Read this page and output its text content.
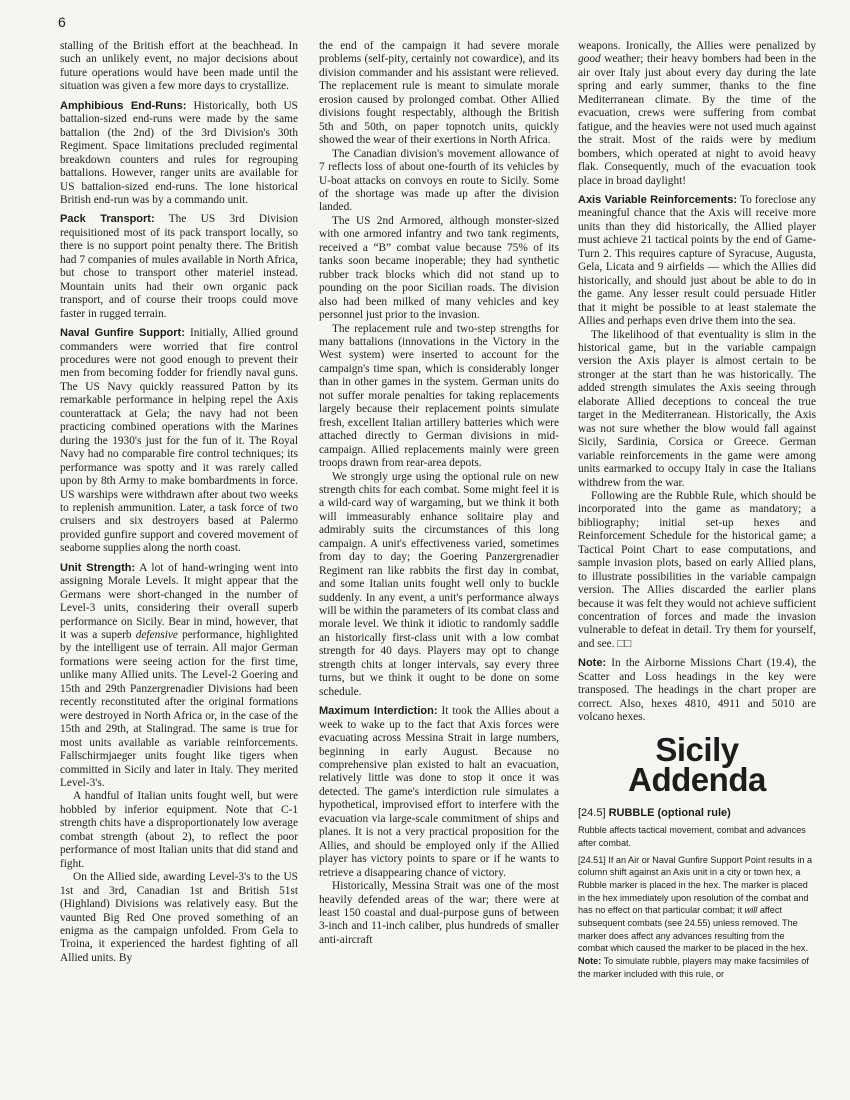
6

stalling of the British effort at the beachhead. In such an unlikely event, no major decisions about future operations would have been made until the situation was given a few more days to crystallize.

Amphibious End-Runs: Historically, both US battalion-sized end-runs were made by the same battalion (the 2nd) of the 3rd Division's 30th Regiment. Space limitations precluded regimental breakdown counters and rules for regrouping battalions. However, ranger units are available for US battalion-sized end-runs. The lone historical British end-run was by a commando unit.

Pack Transport: The US 3rd Division requisitioned most of its pack transport locally, so there is no support point penalty there. The British had 7 companies of mules available in North Africa, but chose to transport other materiel instead. Mountain units had their own organic pack transport, and of course their troops could move faster in rugged terrain.

Naval Gunfire Support: Initially, Allied ground commanders were worried that fire control procedures were not good enough to prevent their men from becoming fodder for friendly naval guns. The US Navy quickly reassured Patton by its remarkable performance in helping repel the Axis counterattack at Gela; the navy had not been practicing combined operations with the Marines during the 1930's just for the fun of it. The Royal Navy had no comparable fire control techniques; its performance was spotty and it was rarely called upon by 8th Army to make bombardments in force. US warships were withdrawn after about two weeks to replenish ammunition. Later, a task force of two cruisers and six destroyers based at Palermo provided gunfire support and covered movement of seaborne supplies along the north coast.

Unit Strength: A lot of hand-wringing went into assigning Morale Levels. It might appear that the Germans were short-changed in the number of Level-3 units, considering their overall superb performance on Sicily. Bear in mind, however, that it was a superb defensive performance, highlighted by the intelligent use of terrain. All major German formations were seeing action for the first time, unlike many Allied units. The Level-2 Goering and 15th and 29th Panzergrenadier Divisions had been recently reconstituted after the original formations were destroyed in North Africa or, in the case of the 15th and 29th, at Stalingrad. The same is true for most units available as variable reinforcements. Fallschirmjaeger units fought like tigers when committed in Sicily and later in Italy. They merited Level-3's.

A handful of Italian units fought well, but were hobbled by inferior equipment. Note that C-1 strength chits have a disproportionately low average combat strength (about 2), to reflect the poor performance of most Italian units that did stand and fight.

On the Allied side, awarding Level-3's to the US 1st and 3rd, Canadian 1st and British 51st (Highland) Divisions was relatively easy. But the vaunted Big Red One proved something of an enigma as the campaign unfolded. From Gela to Troina, it experienced the hardest fighting of all Allied units. By

the end of the campaign it had severe morale problems (self-pity, certainly not cowardice), and its division commander and his assistant were relieved. The replacement rule is meant to simulate morale erosion caused by prolonged combat. Other Allied divisions fought respectably, although the British 5th and 50th, on paper topnotch units, quickly showed the wear of their exertions in North Africa.

The Canadian division's movement allowance of 7 reflects loss of about one-fourth of its vehicles by U-boat attacks on convoys en route to Sicily. Some of the shortage was made up after the division landed.

The US 2nd Armored, although monster-sized with one armored infantry and two tank regiments, received a “B” combat value because 75% of its tanks soon became inoperable; they had synthetic rubber track blocks which did not stand up to pounding on the poor Sicilian roads. The division also had been milked of many vehicles and key personnel just prior to the invasion.

The replacement rule and two-step strengths for many battalions (innovations in the Victory in the West system) were inserted to account for the campaign's time span, which is considerably longer than in other games in the system. German units do not suffer morale penalties for taking replacements largely because their replacement points simulate fresh, excellent Italian artillery batteries which were attached directly to German divisions in mid-campaign. Allied replacements mainly were green troops drawn from rear-area depots.

We strongly urge using the optional rule on new strength chits for each combat. Some might feel it is a wild-card way of wargaming, but we think it both will immeasurably enhance solitaire play and admirably suits the circumstances of this long campaign. A unit's effectiveness varied, sometimes from day to day; the Goering Panzergrenadier Regiment ran like rabbits the first day in combat, and some Italian units fought well only to buckle suddenly. In any event, a unit's performance always will be within the parameters of its combat class and morale level. We think it idiotic to randomly saddle an historically first-class unit with a low combat strength for 40 days. Players may opt to change strength chits at longer intervals, say every three turns, but we think it ought to be done on some schedule.

Maximum Interdiction: It took the Allies about a week to wake up to the fact that Axis forces were evacuating across Messina Strait in large numbers, beginning in early August. Because no comprehensive plan existed to halt an evacuation, relatively little was done to stop it once it was detected. The game's interdiction rule simulates a hypothetical, improvised effort to interfere with the evacuation via large-scale commitment of ships and planes. It is not a very practical proposition for the Allies, and should be employed only if the Allied player has victory points to spare or if he wants to retrieve a disappearing chance of victory.

Historically, Messina Strait was one of the most heavily defended areas of the war; there were at least 150 coastal and dual-purpose guns of between 3-inch and 11-inch caliber, plus hundreds of smaller anti-aircraft

weapons. Ironically, the Allies were penalized by good weather; their heavy bombers had been in the air over Italy just about every day during the late spring and early summer, thanks to the fine Mediterranean climate. By the time of the evacuation, crews were suffering from combat fatigue, and the heavies were not used much against the strait. Most of the raids were by medium bombers, which operated at night to avoid heavy flak. Consequently, much of the evacuation took place in broad daylight!

Axis Variable Reinforcements: To foreclose any meaningful chance that the Axis will receive more units than they did historically, the Allied player must achieve 21 tactical points by the end of Game-Turn 2. This requires capture of Syracuse, Augusta, Gela, Licata and 9 airfields — which the Allies did historically, and should just about be able to do in the game. Any lesser result could persuade Hitler that it might be possible to at least stalemate the Allies and perhaps even drive them into the sea.

The likelihood of that eventuality is slim in the historical game, but in the variable campaign version the Axis player is almost certain to be stronger at the start than he was historically. The added strength simulates the Axis seeing through elaborate Allied deceptions to conceal the true target in the Mediterranean. Historically, the Axis was not sure whether the blow would fall against Sicily, Sardinia, Corsica or Greece. German variable reinforcements in the game were among units earmarked to occupy Italy in case the Italians withdrew from the war.

Following are the Rubble Rule, which should be incorporated into the game as mandatory; a bibliography; initial set-up hexes and Reinforcement Schedule for the historical game; a Tactical Point Chart to ease computations, and sample invasion plots, based on early Allied plans, to illustrate possibilities in the variable campaign version. The Allies discarded the earlier plans because it was felt they would not achieve sufficient concentration of forces and made the invasion vulnerable to defeat in detail. Try them for yourself, and see. □□

Note: In the Airborne Missions Chart (19.4), the Scatter and Loss headings in the key were transposed. The headings in the chart proper are correct. Also, hexes 4810, 4911 and 5010 are volcano hexes.

Sicily
Addenda
[24.5] RUBBLE (optional rule)

Rubble affects tactical movement, combat and advances after combat.

[24.51] If an Air or Naval Gunfire Support Point results in a column shift against an Axis unit in a city or town hex, a Rubble marker is placed in the hex. The marker is placed in the hex immediately upon resolution of the combat and has no effect on that particular combat; it will affect subsequent combats (see 24.55) unless removed. The marker does affect any advances resulting from the combat which caused the marker to be placed in the hex. Note: To simulate rubble, players may make facsimiles of the marker included with this rule, or
